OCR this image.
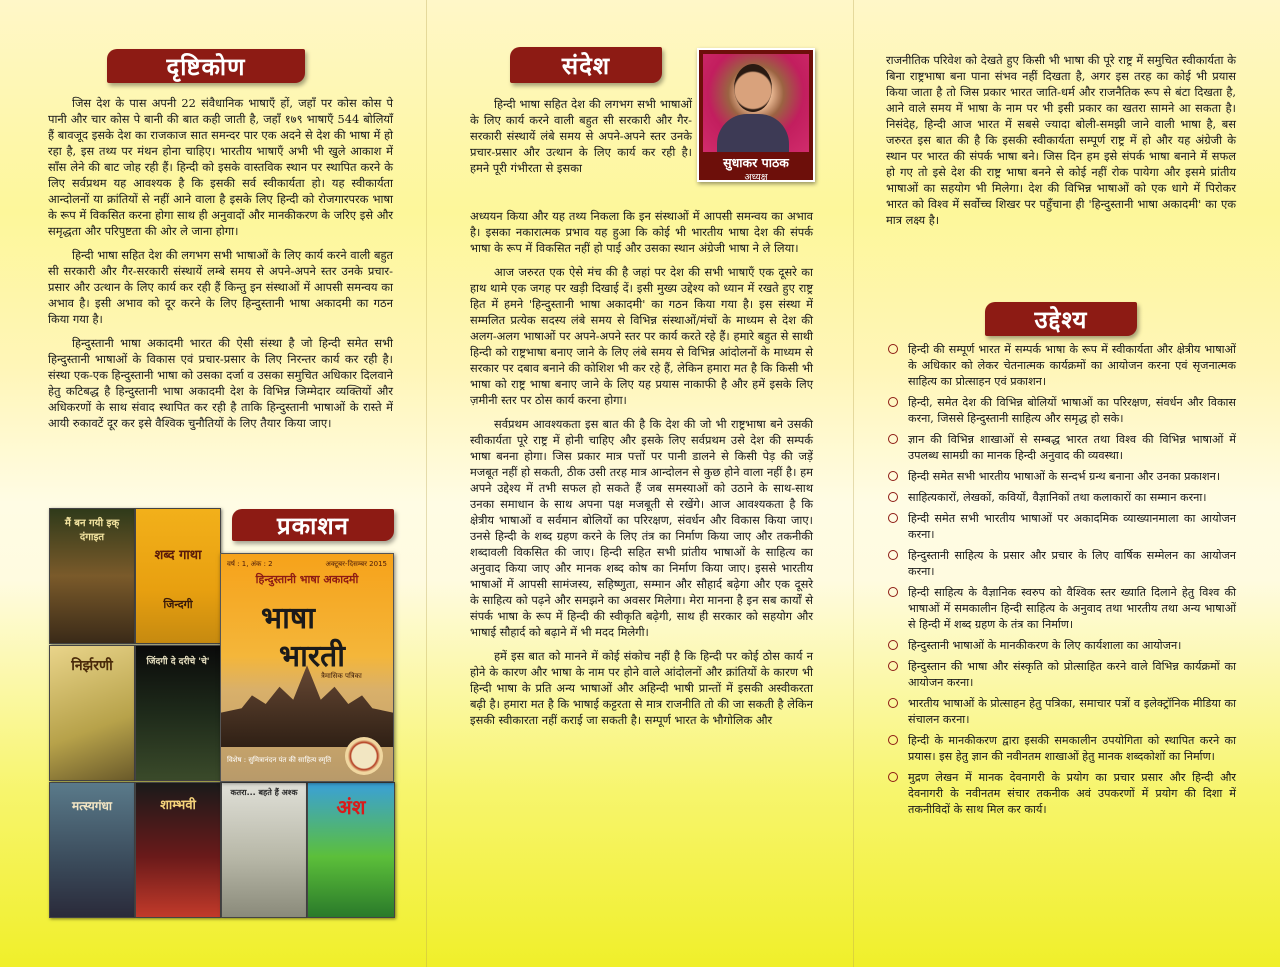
दृष्टिकोण

जिस देश के पास अपनी 22 संवैधानिक भाषाएँ हों, जहाँ पर कोस कोस पे पानी और चार कोस पे बानी की बात कही जाती है, जहाँ १७९ भाषाएँ 544 बोलियाँ हैं बावजूद इसके देश का राजकाज सात समन्दर पार एक अदने से देश की भाषा में हो रहा है, इस तथ्य पर मंथन होना चाहिए। भारतीय भाषाएँ अभी भी खुले आकाश में साँस लेने की बाट जोह रही हैं। हिन्दी को इसके वास्तविक स्थान पर स्थापित करने के लिए सर्वप्रथम यह आवश्यक है कि इसकी सर्व स्वीकार्यता हो। यह स्वीकार्यता आन्दोलनों या क्रांतियों से नहीं आने वाला है इसके लिए हिन्दी को रोजगारपरक भाषा के रूप में विकसित करना होगा साथ ही अनुवादों और मानकीकरण के जरिए इसे और समृद्धता और परिपुष्टता की ओर ले जाना होगा।

हिन्दी भाषा सहित देश की लगभग सभी भाषाओं के लिए कार्य करने वाली बहुत सी सरकारी और गैर-सरकारी संस्थायें लम्बे समय से अपने-अपने स्तर उनके प्रचार-प्रसार और उत्थान के लिए कार्य कर रही हैं किन्तु इन संस्थाओं में आपसी समन्वय का अभाव है। इसी अभाव को दूर करने के लिए हिन्दुस्तानी भाषा अकादमी का गठन किया गया है।

हिन्दुस्तानी भाषा अकादमी भारत की ऐसी संस्था है जो हिन्दी समेत सभी हिन्दुस्तानी भाषाओं के विकास एवं प्रचार-प्रसार के लिए निरन्तर कार्य कर रही है। संस्था एक-एक हिन्दुस्तानी भाषा को उसका दर्जा व उसका समुचित अधिकार दिलवाने हेतु कटिबद्ध है हिन्दुस्तानी भाषा अकादमी देश के विभिन्न जिम्मेदार व्यक्तियों और अधिकरणों के साथ संवाद स्थापित कर रही है ताकि हिन्दुस्तानी भाषाओं के रास्ते में आयी रुकावटें दूर कर इसे वैश्विक चुनौतियों के लिए तैयार किया जाए।

प्रकाशन
मैं बन गयी इक् दंगाइत
शब्द गाथा
जिन्दगी
निर्झरणी	जिंदगी दे दरीचे 'चे'
मत्स्यगंधा	शाम्भवी
कतरा... बहते हैं अश्क
अंश
वर्ष : 1, अंक : 2	अक्टूबर-दिसम्बर 2015
हिन्दुस्तानी भाषा अकादमी
भाषा
भारती
त्रैमासिक पत्रिका
विशेष : सुमित्रानंदन पंत की साहित्य स्मृति
संदेश
सुधाकर पाठक
अध्यक्ष

हिन्दी भाषा सहित देश की लगभग सभी भाषाओं के लिए कार्य करने वाली बहुत सी सरकारी और गैर-सरकारी संस्थायें लंबे समय से अपने-अपने स्तर उनके प्रचार-प्रसार और उत्थान के लिए कार्य कर रही है। हमने पूरी गंभीरता से इसका

अध्ययन किया और यह तथ्य निकला कि इन संस्थाओं में आपसी समन्वय का अभाव है। इसका नकारात्मक प्रभाव यह हुआ कि कोई भी भारतीय भाषा देश की संपर्क भाषा के रूप में विकसित नहीं हो पाई और उसका स्थान अंग्रेजी भाषा ने ले लिया।

आज जरुरत एक ऐसे मंच की है जहां पर देश की सभी भाषाएँ एक दूसरे का हाथ थामे एक जगह पर खड़ी दिखाई दें। इसी मुख्य उद्देश्य को ध्यान में रखते हुए राष्ट्र हित में हमने 'हिन्दुस्तानी भाषा अकादमी' का गठन किया गया है। इस संस्था में सम्मलित प्रत्येक सदस्य लंबे समय से विभिन्न संस्थाओं/मंचों के माध्यम से देश की अलग-अलग भाषाओं पर अपने-अपने स्तर पर कार्य करते रहे हैं। हमारे बहुत से साथी हिन्दी को राष्ट्रभाषा बनाए जाने के लिए लंबे समय से विभिन्न आंदोलनों के माध्यम से सरकार पर दबाव बनाने की कोशिश भी कर रहे हैं, लेकिन हमारा मत है कि किसी भी भाषा को राष्ट्र भाषा बनाए जाने के लिए यह प्रयास नाकाफी है और हमें इसके लिए ज़मीनी स्तर पर ठोस कार्य करना होगा।

सर्वप्रथम आवश्यकता इस बात की है कि देश की जो भी राष्ट्रभाषा बने उसकी स्वीकार्यता पूरे राष्ट्र में होनी चाहिए और इसके लिए सर्वप्रथम उसे देश की सम्पर्क भाषा बनना होगा। जिस प्रकार मात्र पत्तों पर पानी डालने से किसी पेड़ की जड़ें मजबूत नहीं हो सकती, ठीक उसी तरह मात्र आन्दोलन से कुछ होने वाला नहीं है। हम अपने उद्देश्य में तभी सफल हो सकते हैं जब समस्याओं को उठाने के साथ-साथ उनका समाधान के साथ अपना पक्ष मजबूती से रखेंगे। आज आवश्यकता है कि क्षेत्रीय भाषाओं व सर्वमान बोलियों का परिरक्षण, संवर्धन और विकास किया जाए। उनसे हिन्दी के शब्द ग्रहण करने के लिए तंत्र का निर्माण किया जाए और तकनीकी शब्दावली विकसित की जाए। हिन्दी सहित सभी प्रांतीय भाषाओं के साहित्य का अनुवाद किया जाए और मानक शब्द कोष का निर्माण किया जाए। इससे भारतीय भाषाओं में आपसी सामंजस्य, सहिष्णुता, सम्मान और सौहार्द बढ़ेगा और एक दूसरे के साहित्य को पढ़ने और समझने का अवसर मिलेगा। मेरा मानना है इन सब कार्यों से संपर्क भाषा के रूप में हिन्दी की स्वीकृति बढ़ेगी, साथ ही सरकार को सहयोग और भाषाई सौहार्द को बढ़ाने में भी मदद मिलेगी।

हमें इस बात को मानने में कोई संकोच नहीं है कि हिन्दी पर कोई ठोस कार्य न होने के कारण और भाषा के नाम पर होने वाले आंदोलनों और क्रांतियों के कारण भी हिन्दी भाषा के प्रति अन्य भाषाओं और अहिन्दी भाषी प्रान्तों में इसकी अस्वीकरता बढ़ी है। हमारा मत है कि भाषाई कट्टरता से मात्र राजनीति तो की जा सकती है लेकिन इसकी स्वीकारता नहीं कराई जा सकती है। सम्पूर्ण भारत के भौगोलिक और

राजनीतिक परिवेश को देखते हुए किसी भी भाषा की पूरे राष्ट्र में समुचित स्वीकार्यता के बिना राष्ट्रभाषा बना पाना संभव नहीं दिखता है, अगर इस तरह का कोई भी प्रयास किया जाता है तो जिस प्रकार भारत जाति-धर्म और राजनैतिक रूप से बंटा दिखता है, आने वाले समय में भाषा के नाम पर भी इसी प्रकार का खतरा सामने आ सकता है। निसंदेह, हिन्दी आज भारत में सबसे ज्यादा बोली-समझी जाने वाली भाषा है, बस जरुरत इस बात की है कि इसकी स्वीकार्यता सम्पूर्ण राष्ट्र में हो और यह अंग्रेजी के स्थान पर भारत की संपर्क भाषा बने। जिस दिन हम इसे संपर्क भाषा बनाने में सफल हो गए तो इसे देश की राष्ट्र भाषा बनने से कोई नहीं रोक पायेगा और इसमे प्रांतीय भाषाओं का सहयोग भी मिलेगा। देश की विभिन्न भाषाओं को एक धागे में पिरोकर भारत को विश्व में सर्वोच्च शिखर पर पहुँचाना ही 'हिन्दुस्तानी भाषा अकादमी' का एक मात्र लक्ष्य है।

उद्देश्य
हिन्दी की सम्पूर्ण भारत में सम्पर्क भाषा के रूप में स्वीकार्यता और क्षेत्रीय भाषाओं के अधिकार को लेकर चेतनात्मक कार्यक्रमों का आयोजन करना एवं सृजनात्मक साहित्य का प्रोत्साहन एवं प्रकाशन।
हिन्दी, समेत देश की विभिन्न बोलियों भाषाओं का परिरक्षण, संवर्धन और विकास करना, जिससे हिन्दुस्तानी साहित्य और समृद्ध हो सके।
ज्ञान की विभिन्न शाखाओं से सम्बद्ध भारत तथा विश्व की विभिन्न भाषाओं में उपलब्ध सामग्री का मानक हिन्दी अनुवाद की व्यवस्था।
हिन्दी समेत सभी भारतीय भाषाओं के सन्दर्भ ग्रन्थ बनाना और उनका प्रकाशन।
साहित्यकारों, लेखकों, कवियों, वैज्ञानिकों तथा कलाकारों का सम्मान करना।
हिन्दी समेत सभी भारतीय भाषाओं पर अकादमिक व्याख्यानमाला का आयोजन करना।
हिन्दुस्तानी साहित्य के प्रसार और प्रचार के लिए वार्षिक सम्मेलन का आयोजन करना।
हिन्दी साहित्य के वैज्ञानिक स्वरुप को वैश्विक स्तर ख्याति दिलाने हेतु विश्व की भाषाओं में समकालीन हिन्दी साहित्य के अनुवाद तथा भारतीय तथा अन्य भाषाओं से हिन्दी में शब्द ग्रहण के तंत्र का निर्माण।
हिन्दुस्तानी भाषाओं के मानकीकरण के लिए कार्यशाला का आयोजन।
हिन्दुस्तान की भाषा और संस्कृति को प्रोत्साहित करने वाले विभिन्न कार्यक्रमों का आयोजन करना।
भारतीय भाषाओं के प्रोत्साहन हेतु पत्रिका, समाचार पत्रों व इलेक्ट्रॉनिक मीडिया का संचालन करना।
हिन्दी के मानकीकरण द्वारा इसकी समकालीन उपयोगिता को स्थापित करने का प्रयास। इस हेतु ज्ञान की नवीनतम शाखाओं हेतु मानक शब्दकोशों का निर्माण।
मुद्रण लेखन में मानक देवनागरी के प्रयोग का प्रचार प्रसार और हिन्दी और देवनागरी के नवीनतम संचार तकनीक अवं उपकरणों में प्रयोग की दिशा में तकनीविदों के साथ मिल कर कार्य।
